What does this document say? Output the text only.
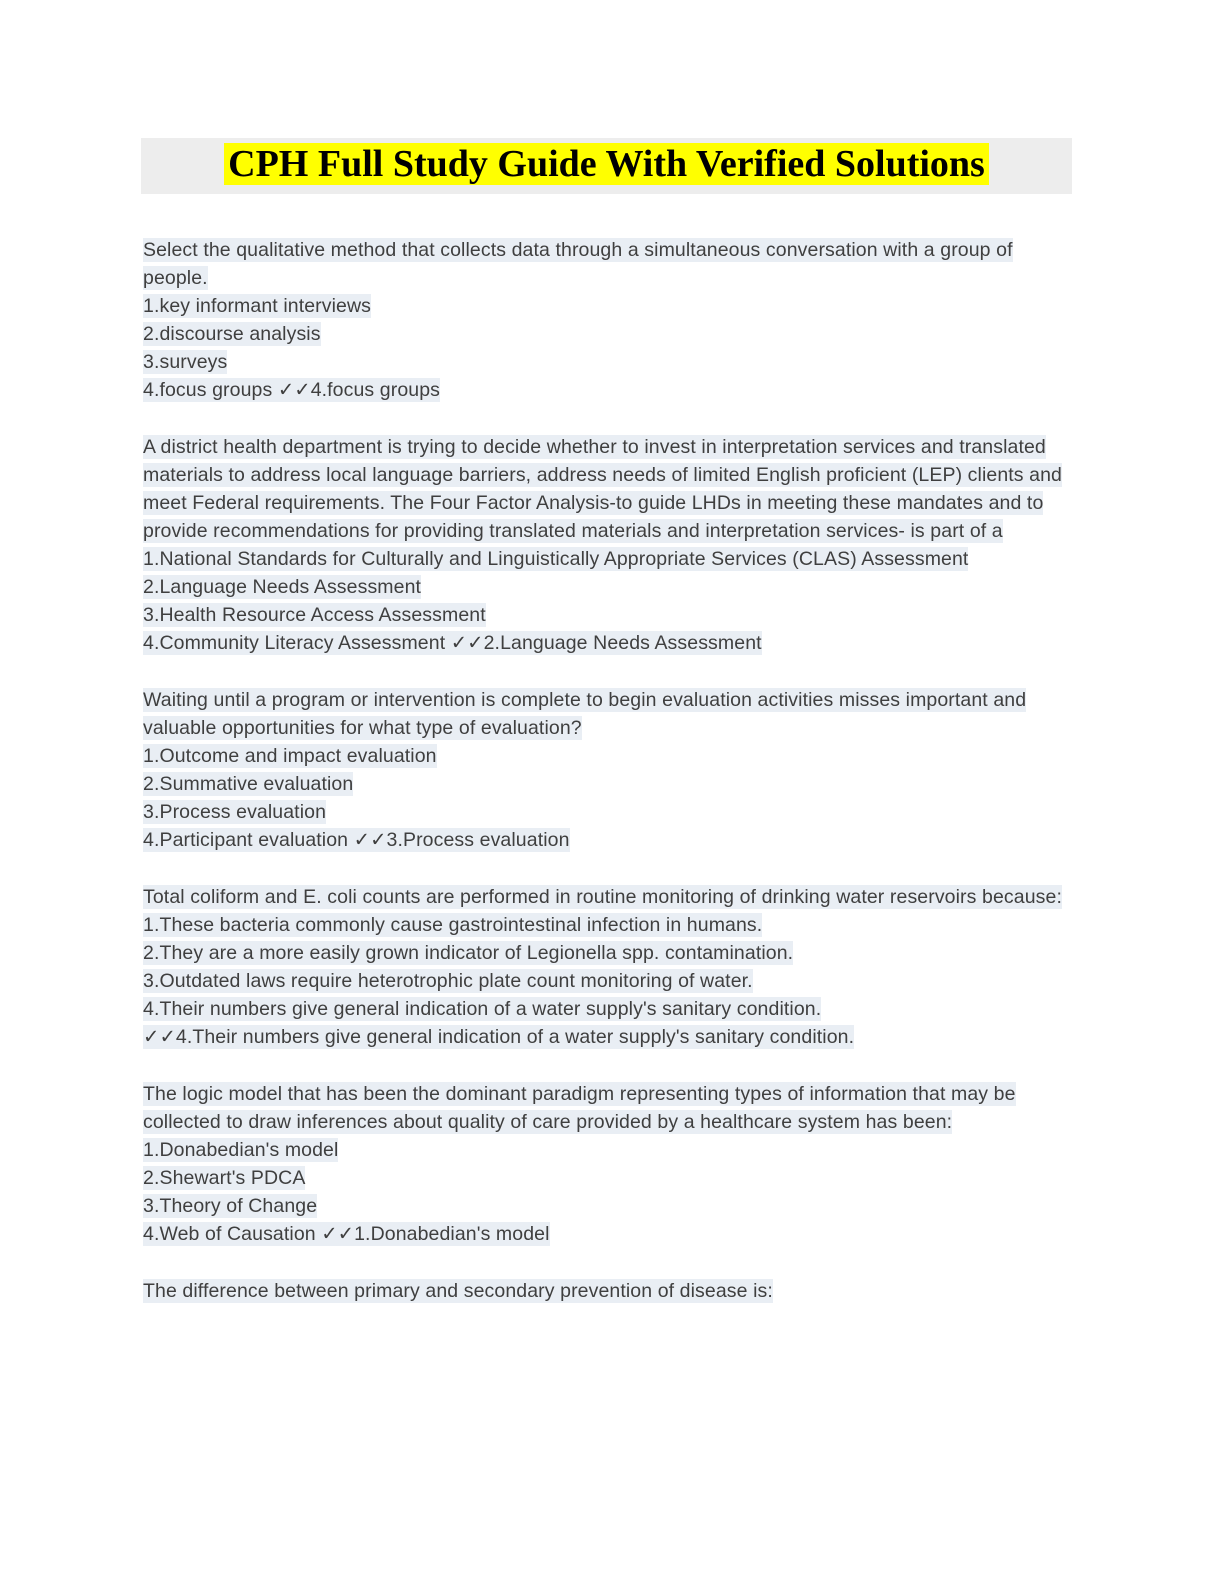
CPH Full Study Guide With Verified Solutions

Select the qualitative method that collects data through a simultaneous conversation with a group of people.

1.key informant interviews

2.discourse analysis

3.surveys

4.focus groups ✓✓4.focus groups

A district health department is trying to decide whether to invest in interpretation services and translated materials to address local language barriers, address needs of limited English proficient (LEP) clients and meet Federal requirements. The Four Factor Analysis-to guide LHDs in meeting these mandates and to provide recommendations for providing translated materials and interpretation services- is part of a

1.National Standards for Culturally and Linguistically Appropriate Services (CLAS) Assessment

2.Language Needs Assessment

3.Health Resource Access Assessment

4.Community Literacy Assessment ✓✓2.Language Needs Assessment

Waiting until a program or intervention is complete to begin evaluation activities misses important and valuable opportunities for what type of evaluation?

1.Outcome and impact evaluation

2.Summative evaluation

3.Process evaluation

4.Participant evaluation ✓✓3.Process evaluation

Total coliform and E. coli counts are performed in routine monitoring of drinking water reservoirs because:

1.These bacteria commonly cause gastrointestinal infection in humans.

2.They are a more easily grown indicator of Legionella spp. contamination.

3.Outdated laws require heterotrophic plate count monitoring of water.

4.Their numbers give general indication of a water supply's sanitary condition.

✓✓4.Their numbers give general indication of a water supply's sanitary condition.

The logic model that has been the dominant paradigm representing types of information that may be collected to draw inferences about quality of care provided by a healthcare system has been:

1.Donabedian's model

2.Shewart's PDCA

3.Theory of Change

4.Web of Causation ✓✓1.Donabedian's model

The difference between primary and secondary prevention of disease is:
